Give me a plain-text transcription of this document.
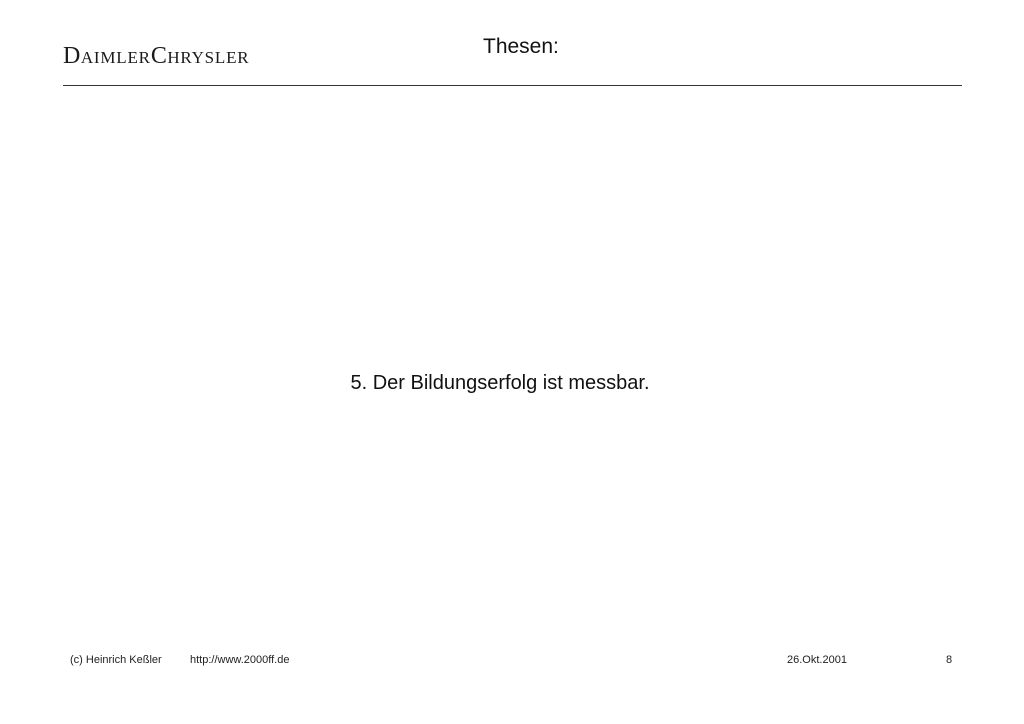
DAIMLERCHRYSLER	Thesen:
5. Der Bildungserfolg ist messbar.
(c) Heinrich Keßler	http://www.2000ff.de	26.Okt.2001	8
